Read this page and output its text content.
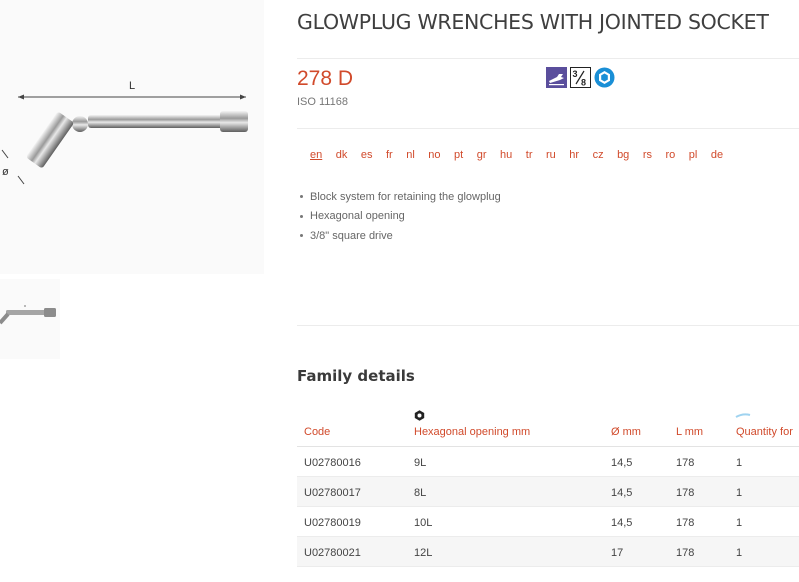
L
ø
GLOWPLUG WRENCHES WITH JOINTED SOCKET
278 D
ISO 11168
3
8
en dk es fr nl no pt gr hu tr ru hr cz bg rs ro pl de
Block system for retaining the glowplug
Hexagonal opening
3/8" square drive
Family details
Code	Hexagonal opening mm	Ø mm	L mm	Quantity for
U02780016	9L	14,5	178	1
U02780017	8L	14,5	178	1
U02780019	10L	14,5	178	1
U02780021	12L	17	178	1
